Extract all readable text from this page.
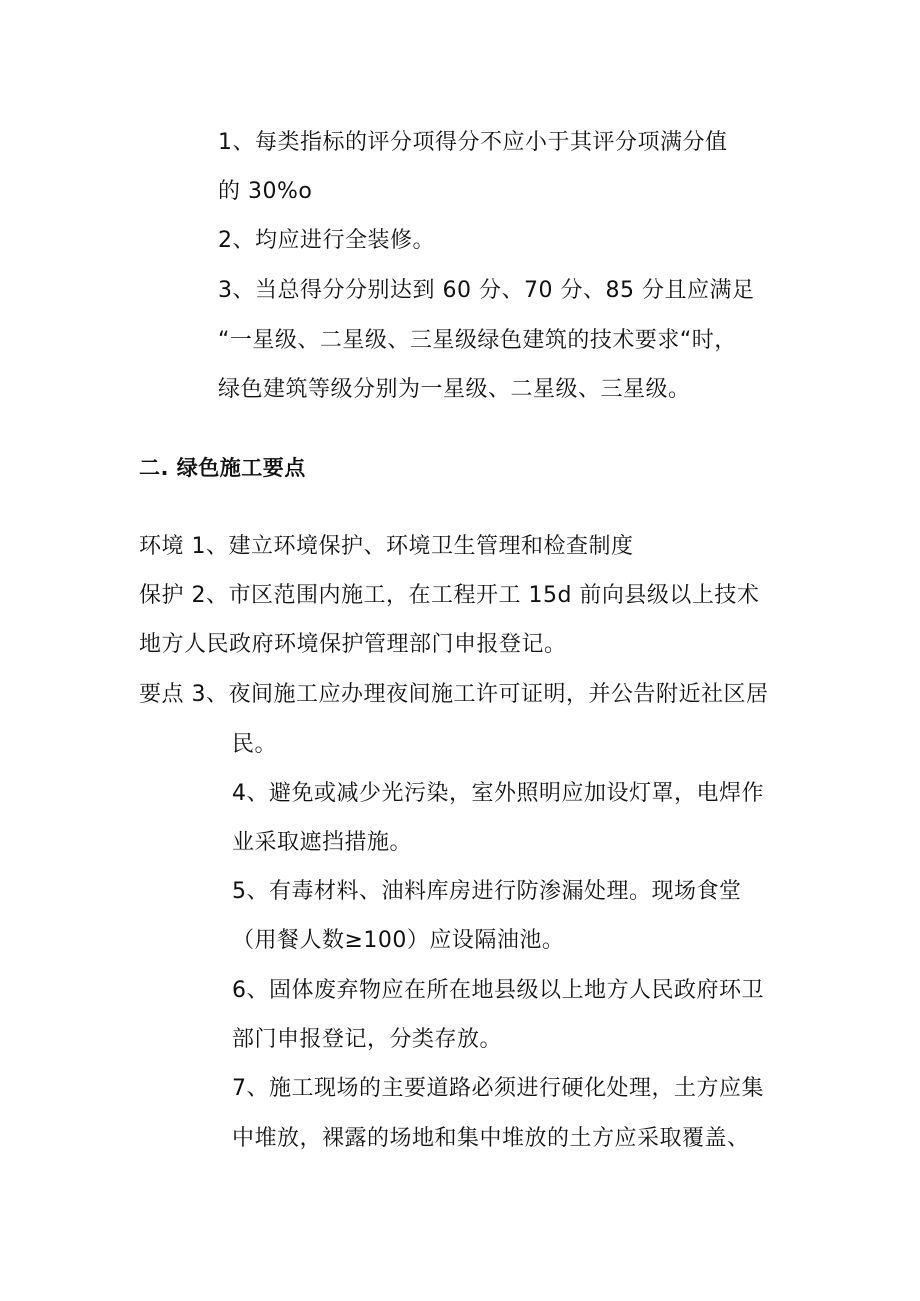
1、每类指标的评分项得分不应小于其评分项满分值
的 30%o
2、均应进行全装修。
3、当总得分分别达到 60 分、70 分、85 分且应满足
“一星级、二星级、三星级绿色建筑的技术要求“时，
绿色建筑等级分别为一星级、二星级、三星级。
二. 绿色施工要点
环境 1、建立环境保护、环境卫生管理和检查制度
保护 2、市区范围内施工，在工程开工 15d 前向县级以上技术
地方人民政府环境保护管理部门申报登记。
要点 3、夜间施工应办理夜间施工许可证明，并公告附近社区居
民。
4、避免或减少光污染，室外照明应加设灯罩，电焊作
业采取遮挡措施。
5、有毒材料、油料库房进行防渗漏处理。现场食堂
（用餐人数≥100）应设隔油池。
6、固体废弃物应在所在地县级以上地方人民政府环卫
部门申报登记，分类存放。
7、施工现场的主要道路必须进行硬化处理，土方应集
中堆放，裸露的场地和集中堆放的土方应采取覆盖、
